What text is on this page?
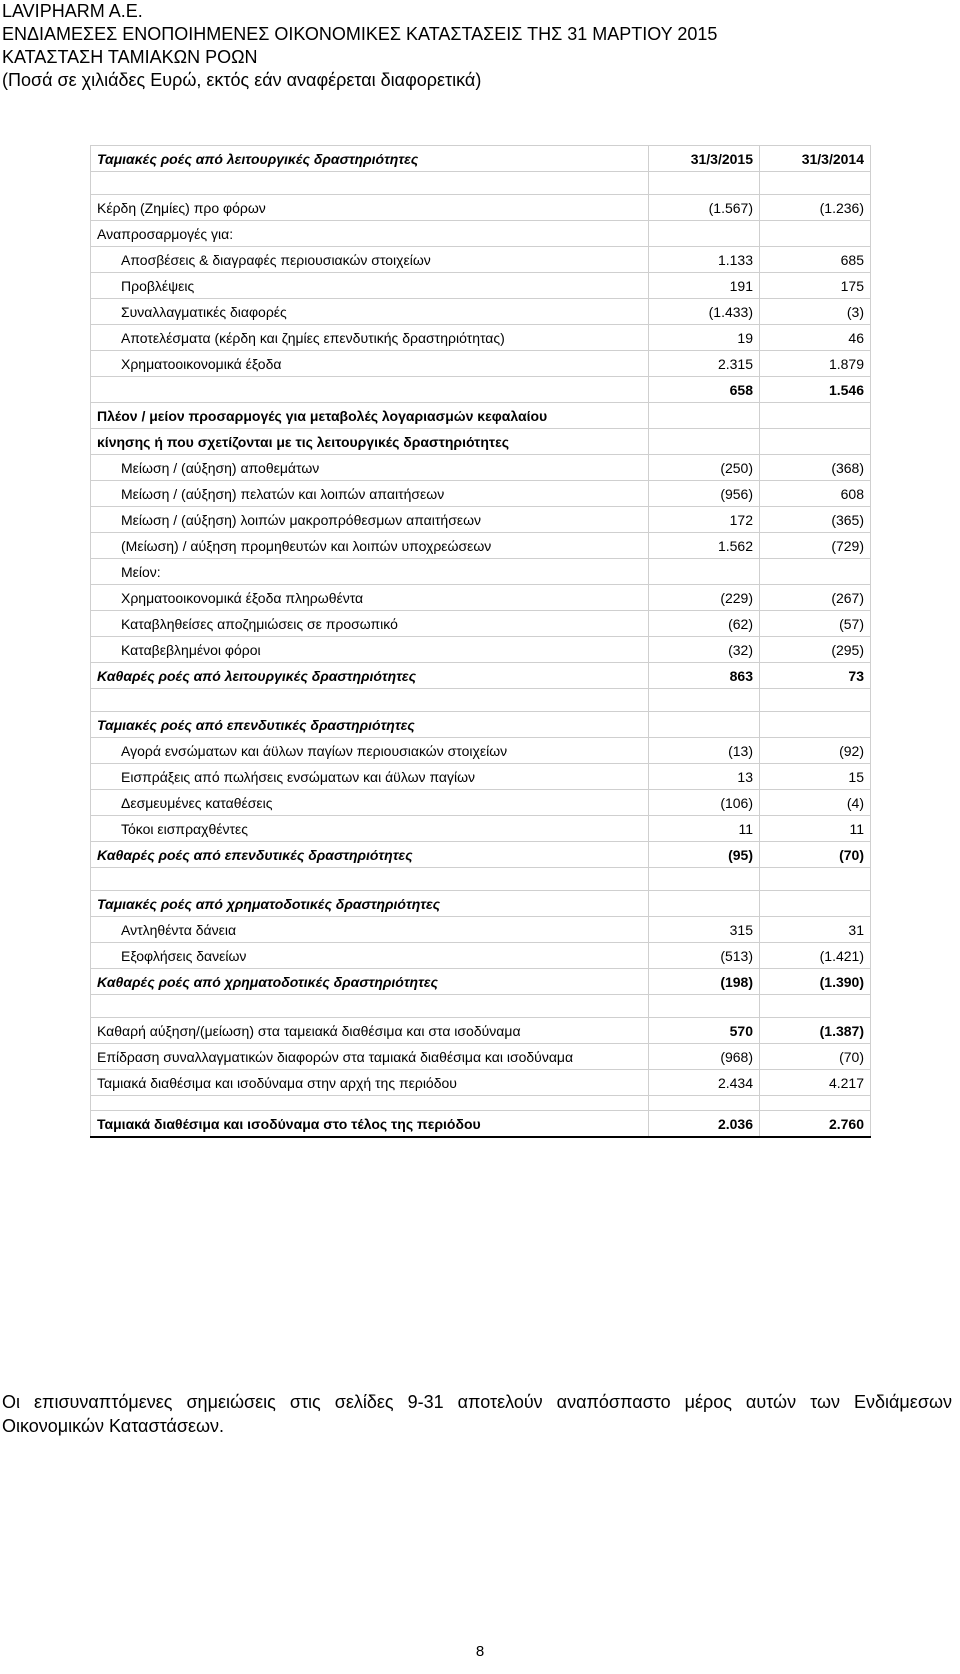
LAVIPHARM A.E.
ΕΝΔΙΑΜΕΣΕΣ ΕΝΟΠΟΙΗΜΕΝΕΣ ΟΙΚΟΝΟΜΙΚΕΣ ΚΑΤΑΣΤΑΣΕΙΣ ΤΗΣ 31 ΜΑΡΤΙΟΥ 2015
ΚΑΤΑΣΤΑΣΗ ΤΑΜΙΑΚΩΝ ΡΟΩΝ
(Ποσά σε χιλιάδες Ευρώ, εκτός εάν αναφέρεται διαφορετικά)
Ταμιακές ροές από λειτουργικές δραστηριότητες	31/3/2015	31/3/2014

Κέρδη (Ζημίες) προ φόρων	(1.567)	(1.236)
Αναπροσαρμογές για:		
Αποσβέσεις & διαγραφές περιουσιακών στοιχείων	1.133	685
Προβλέψεις	191	175
Συναλλαγματικές διαφορές	(1.433)	(3)
Αποτελέσματα (κέρδη και ζημίες επενδυτικής δραστηριότητας)	19	46
Χρηματοοικονομικά έξοδα	2.315	1.879
	658	1.546
Πλέον / μείον προσαρμογές για μεταβολές λογαριασμών κεφαλαίου		
κίνησης ή που σχετίζονται με τις λειτουργικές δραστηριότητες		
Μείωση / (αύξηση) αποθεμάτων	(250)	(368)
Μείωση / (αύξηση) πελατών και λοιπών απαιτήσεων	(956)	608
Μείωση / (αύξηση) λοιπών μακροπρόθεσμων απαιτήσεων	172	(365)
(Μείωση) / αύξηση προμηθευτών και λοιπών υποχρεώσεων	1.562	(729)
Μείον:		
Χρηματοοικονομικά έξοδα πληρωθέντα	(229)	(267)
Καταβληθείσες αποζημιώσεις σε προσωπικό	(62)	(57)
Καταβεβλημένοι φόροι	(32)	(295)
Καθαρές ροές από λειτουργικές δραστηριότητες	863	73

Ταμιακές ροές από επενδυτικές δραστηριότητες		
Αγορά ενσώματων και άϋλων παγίων περιουσιακών στοιχείων	(13)	(92)
Εισπράξεις από πωλήσεις ενσώματων και άϋλων παγίων	13	15
Δεσμευμένες καταθέσεις	(106)	(4)
Τόκοι εισπραχθέντες	11	11
Καθαρές ροές από επενδυτικές δραστηριότητες	(95)	(70)

Ταμιακές ροές από χρηματοδοτικές δραστηριότητες		
Αντληθέντα δάνεια	315	31
Εξοφλήσεις δανείων	(513)	(1.421)
Καθαρές ροές από χρηματοδοτικές δραστηριότητες	(198)	(1.390)

Καθαρή αύξηση/(μείωση) στα ταμειακά διαθέσιμα και στα ισοδύναμα	570	(1.387)
Επίδραση συναλλαγματικών διαφορών στα ταμιακά διαθέσιμα και ισοδύναμα	(968)	(70)
Ταμιακά διαθέσιμα και ισοδύναμα στην αρχή της περιόδου	2.434	4.217

Ταμιακά διαθέσιμα και ισοδύναμα στο τέλος της περιόδου	2.036	2.760
Οι επισυναπτόμενες σημειώσεις στις σελίδες 9-31 αποτελούν αναπόσπαστο μέρος αυτών των Ενδιάμεσων Οικονομικών Καταστάσεων.
8
